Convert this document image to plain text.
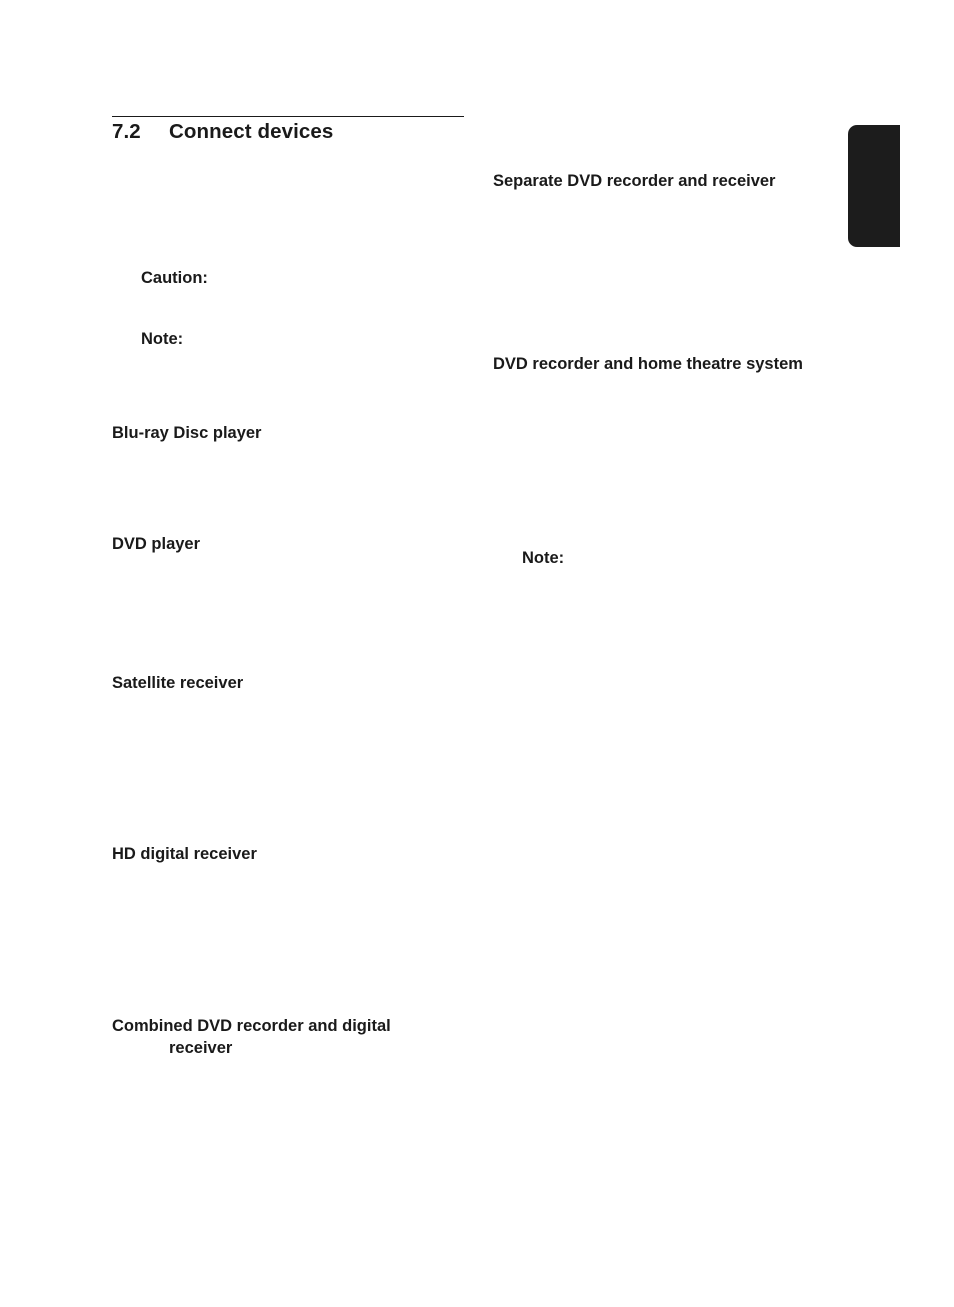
7.2 Connect devices
Caution:
Note:
Blu-ray Disc player
DVD player
Satellite receiver
HD digital receiver
Combined DVD recorder and digital
receiver
Separate DVD recorder and receiver
DVD recorder and home theatre system
Note:
